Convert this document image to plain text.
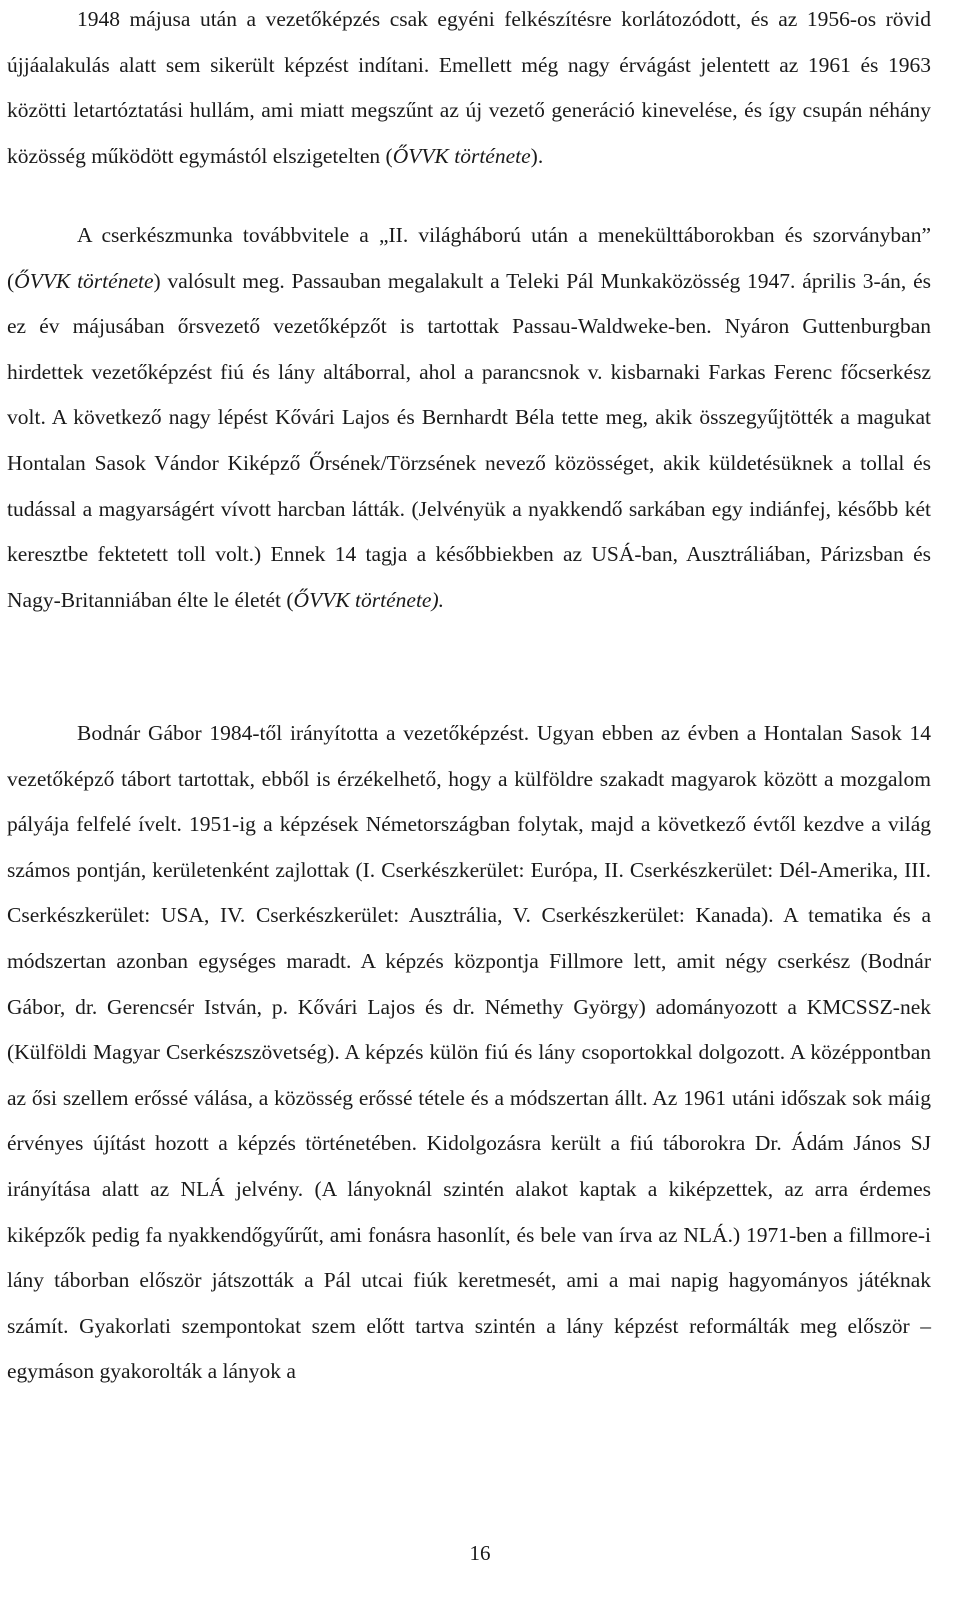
1948 májusa után a vezetőképzés csak egyéni felkészítésre korlátozódott, és az 1956-os rövid újjáalakulás alatt sem sikerült képzést indítani. Emellett még nagy érvágást jelentett az 1961 és 1963 közötti letartóztatási hullám, ami miatt megszűnt az új vezető generáció kinevelése, és így csupán néhány közösség működött egymástól elszigetelten (ŐVVK története).

A cserkészmunka továbbvitele a „II. világháború után a menekülttáborokban és szorványban” (ŐVVK története) valósult meg. Passauban megalakult a Teleki Pál Munkaközösség 1947. április 3-án, és ez év májusában őrsvezető vezetőképzőt is tartottak Passau-Waldweke-ben. Nyáron Guttenburgban hirdettek vezetőképzést fiú és lány altáborral, ahol a parancsnok v. kisbarnaki Farkas Ferenc főcserkész volt. A következő nagy lépést Kővári Lajos és Bernhardt Béla tette meg, akik összegyűjtötték a magukat Hontalan Sasok Vándor Kiképző Őrsének/Törzsének nevező közösséget, akik küldetésüknek a tollal és tudással a magyarságért vívott harcban látták. (Jelvényük a nyakkendő sarkában egy indiánfej, később két keresztbe fektetett toll volt.) Ennek 14 tagja a későbbiekben az USÁ-ban, Ausztráliában, Párizsban és Nagy-Britanniában élte le életét (ŐVVK története).

Bodnár Gábor 1984-től irányította a vezetőképzést. Ugyan ebben az évben a Hontalan Sasok 14 vezetőképző tábort tartottak, ebből is érzékelhető, hogy a külföldre szakadt magyarok között a mozgalom pályája felfelé ívelt. 1951-ig a képzések Németországban folytak, majd a következő évtől kezdve a világ számos pontján, kerületenként zajlottak (I. Cserkészkerület: Európa, II. Cserkészkerület: Dél-Amerika, III. Cserkészkerület: USA, IV. Cserkészkerület: Ausztrália, V. Cserkészkerület: Kanada). A tematika és a módszertan azonban egységes maradt. A képzés központja Fillmore lett, amit négy cserkész (Bodnár Gábor, dr. Gerencsér István, p. Kővári Lajos és dr. Némethy György) adományozott a KMCSSZ-nek (Külföldi Magyar Cserkészszövetség). A képzés külön fiú és lány csoportokkal dolgozott. A középpontban az ősi szellem erőssé válása, a közösség erőssé tétele és a módszertan állt. Az 1961 utáni időszak sok máig érvényes újítást hozott a képzés történetében. Kidolgozásra került a fiú táborokra Dr. Ádám János SJ irányítása alatt az NLÁ jelvény. (A lányoknál szintén alakot kaptak a kiképzettek, az arra érdemes kiképzők pedig fa nyakkendőgyűrűt, ami fonásra hasonlít, és bele van írva az NLÁ.) 1971-ben a fillmore-i lány táborban először játszották a Pál utcai fiúk keretmesét, ami a mai napig hagyományos játéknak számít. Gyakorlati szempontokat szem előtt tartva szintén a lány képzést reformálták meg először – egymáson gyakorolták a lányok a

16
